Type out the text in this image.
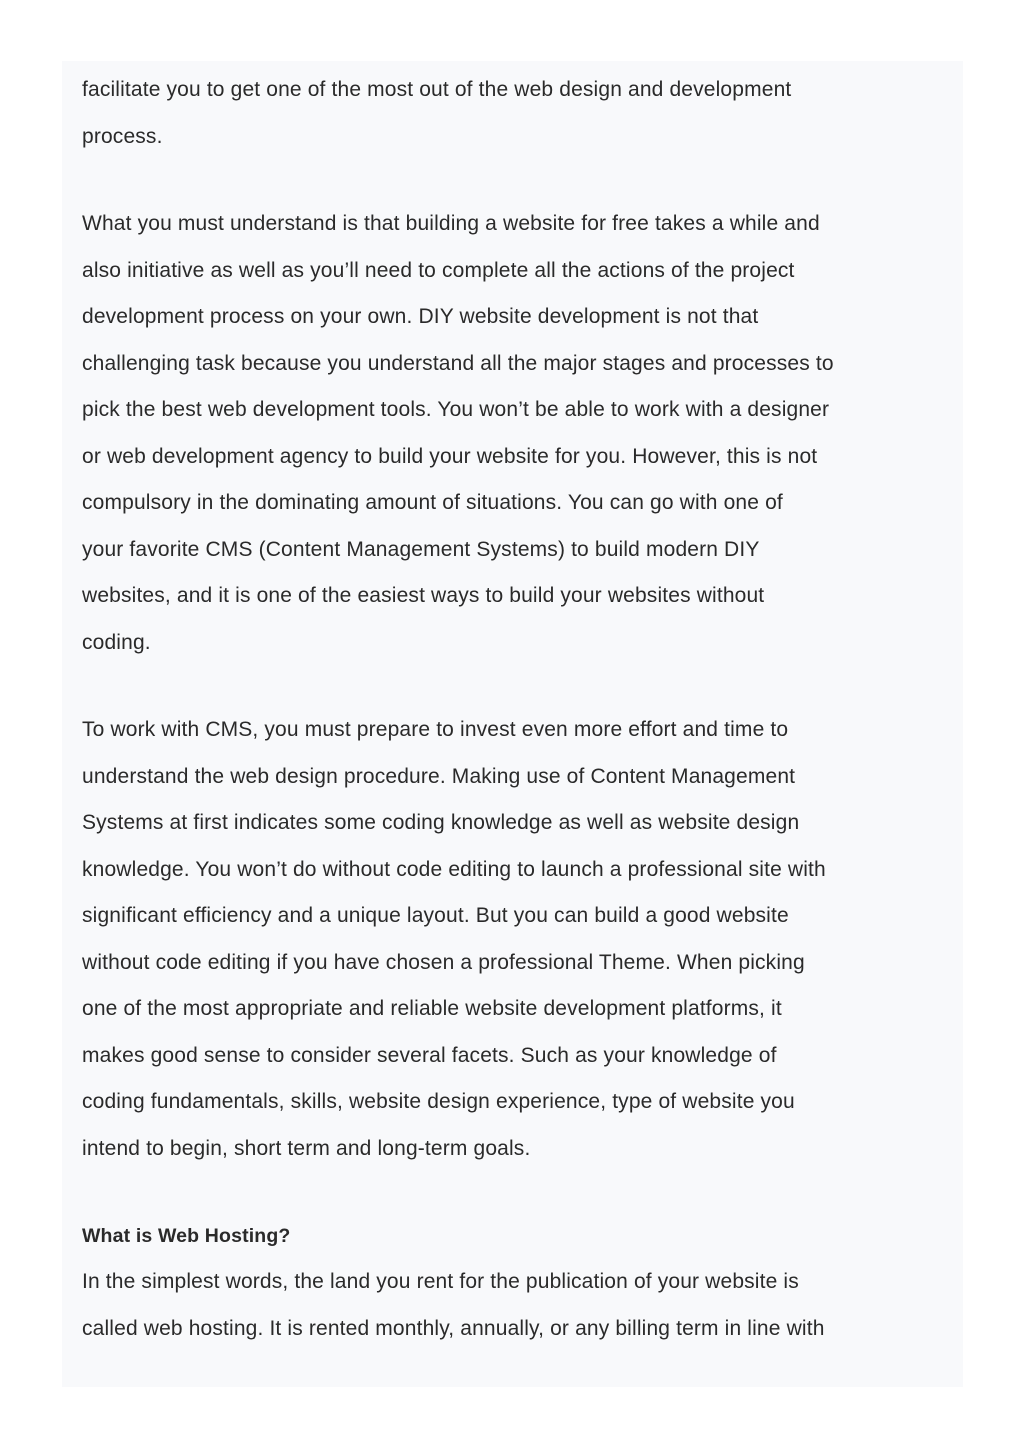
facilitate you to get one of the most out of the web design and development
process.
What you must understand is that building a website for free takes a while and
also initiative as well as you’ll need to complete all the actions of the project
development process on your own. DIY website development is not that
challenging task because you understand all the major stages and processes to
pick the best web development tools. You won’t be able to work with a designer
or web development agency to build your website for you. However, this is not
compulsory in the dominating amount of situations. You can go with one of
your favorite CMS (Content Management Systems) to build modern DIY
websites, and it is one of the easiest ways to build your websites without
coding.
To work with CMS, you must prepare to invest even more effort and time to
understand the web design procedure. Making use of Content Management
Systems at first indicates some coding knowledge as well as website design
knowledge. You won’t do without code editing to launch a professional site with
significant efficiency and a unique layout. But you can build a good website
without code editing if you have chosen a professional Theme. When picking
one of the most appropriate and reliable website development platforms, it
makes good sense to consider several facets. Such as your knowledge of
coding fundamentals, skills, website design experience, type of website you
intend to begin, short term and long-term goals.
What is Web Hosting?
In the simplest words, the land you rent for the publication of your website is
called web hosting. It is rented monthly, annually, or any billing term in line with
